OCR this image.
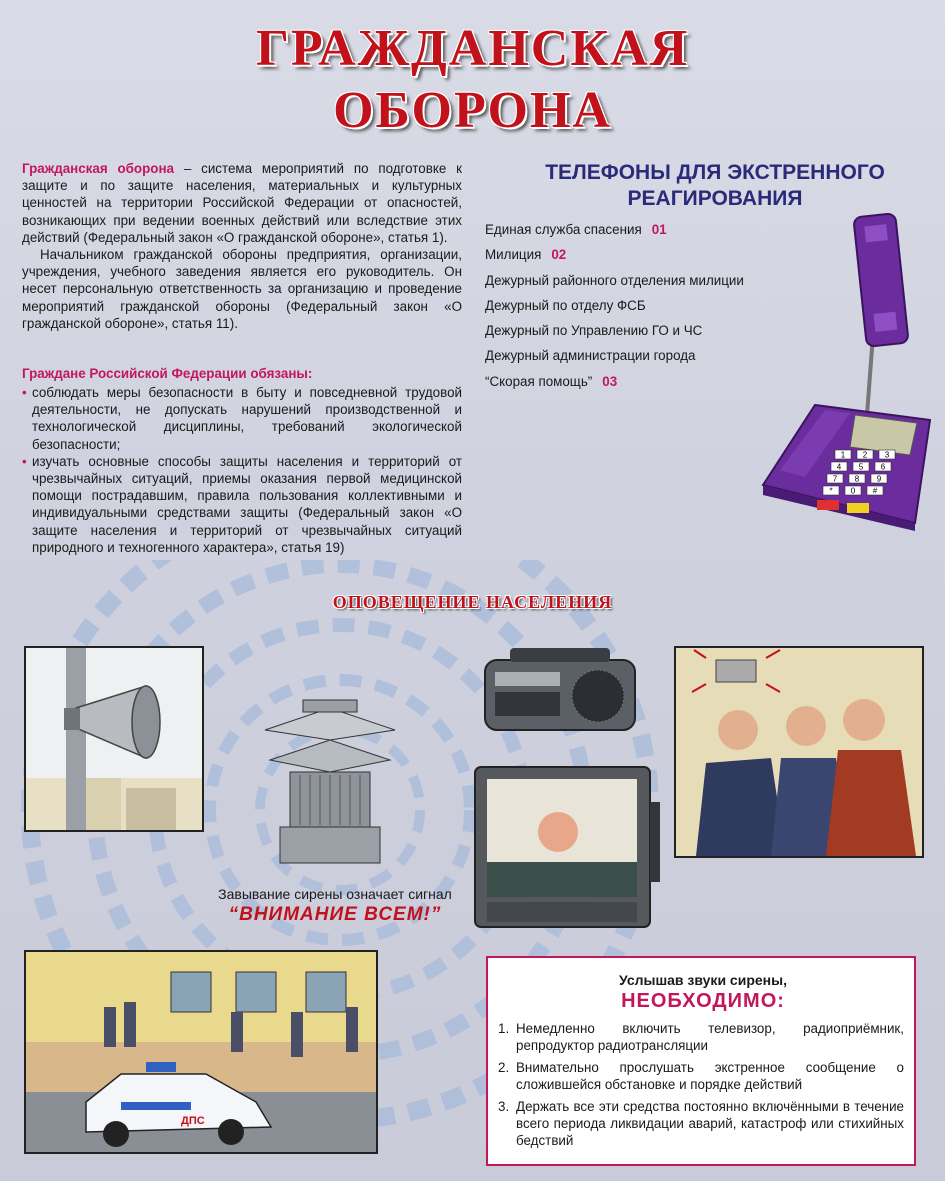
ГРАЖДАНСКАЯ
ОБОРОНА

Гражданская оборона – система мероприятий по подготовке к защите и по защите населения, материальных и культурных ценностей на территории Российской Федерации от опасностей, возникающих при ведении военных действий или вследствие этих действий (Федеральный закон «О гражданской обороне», статья 1).

Начальником гражданской обороны предприятия, организации, учреждения, учебного заведения является его руководитель. Он несет персональную ответственность за организацию и проведение мероприятий гражданской обороны (Федеральный закон «О гражданской обороне», статья 11).

Граждане Российской Федерации обязаны:
• соблюдать меры безопасности в быту и повседневной трудовой деятельности, не допускать нарушений производственной и технологической дисциплины, требований экологической безопасности;
• изучать основные способы защиты населения и территорий от чрезвычайных ситуаций, приемы оказания первой медицинской помощи пострадавшим, правила пользования коллективными и индивидуальными средствами защиты (Федеральный закон «О защите населения и территорий от чрезвычайных ситуаций природного и техногенного характера», статья 19)
ТЕЛЕФОНЫ ДЛЯ ЭКСТРЕННОГО РЕАГИРОВАНИЯ
Единая служба спасения 01
Милиция 02
Дежурный районного отделения милиции
Дежурный по отделу ФСБ
Дежурный по Управлению ГО и ЧС
Дежурный администрации города
“Скорая помощь” 03
1 2 3
4 5 6
7 8 9
* 0 #
ОПОВЕЩЕНИЕ НАСЕЛЕНИЯ
Завывание сирены означает сигнал
“ВНИМАНИЕ ВСЕМ!”
ДПС
Услышав звуки сирены,
НЕОБХОДИМО:
1. Немедленно включить телевизор, радиоприёмник, репродуктор радиотрансляции
2. Внимательно прослушать экстренное сообщение о сложившейся обстановке и порядке действий
3. Держать все эти средства постоянно включёнными в течение всего периода ликвидации аварий, катастроф или стихийных бедствий
